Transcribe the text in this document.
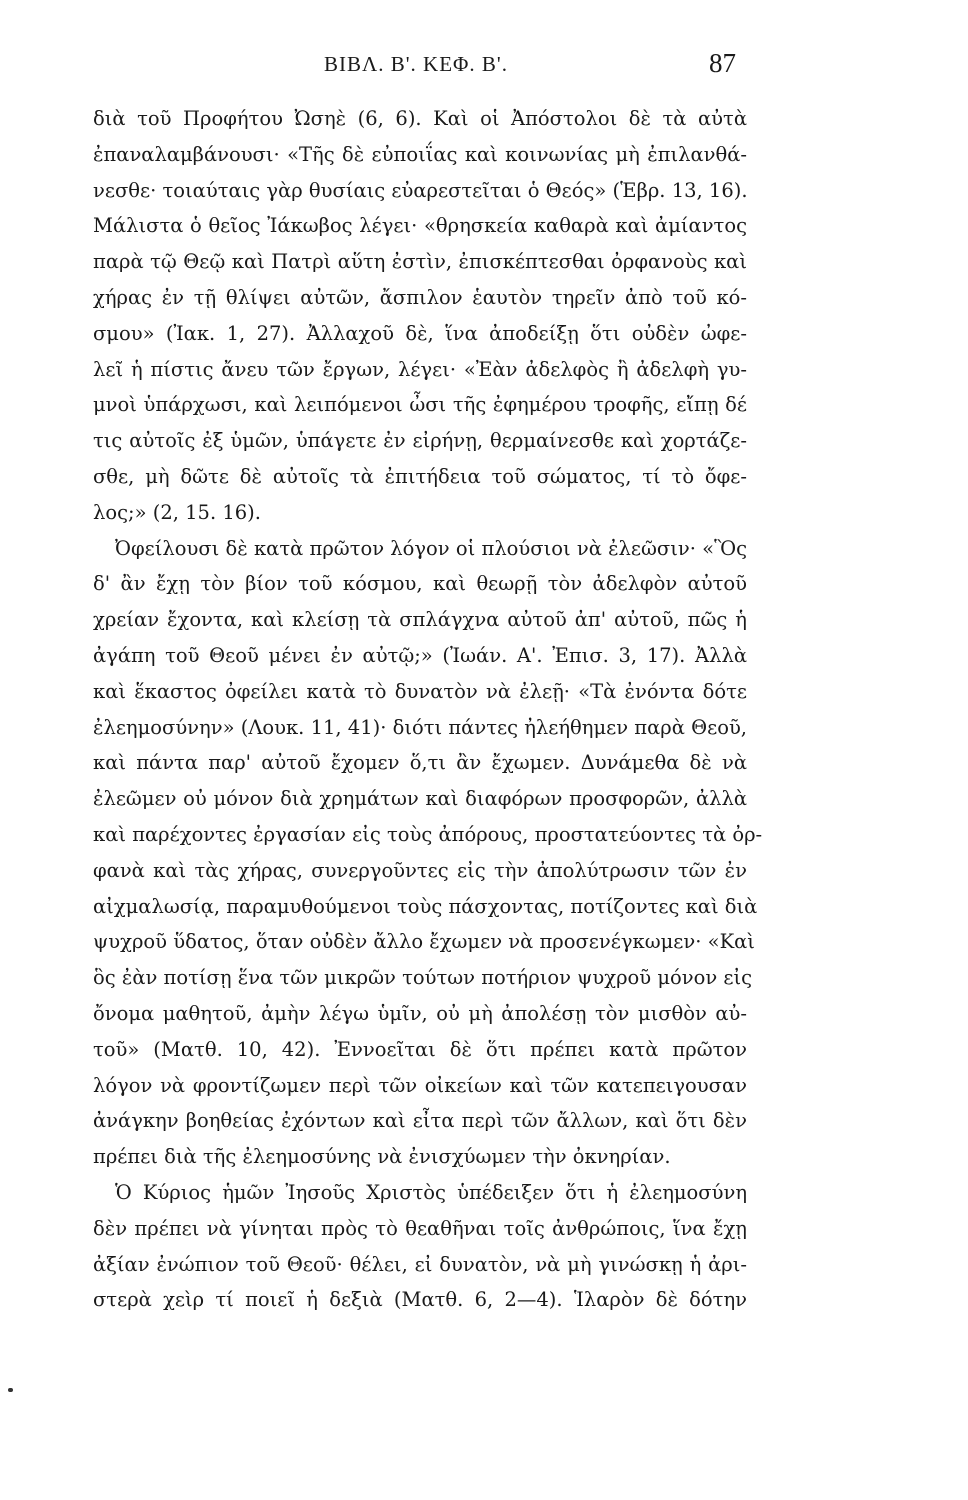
ΒΙΒΛ. Β'. ΚΕΦ. Β'.	87
διὰ τοῦ Προφήτου Ὠσηὲ (6, 6). Καὶ οἱ Ἀπόστολοι δὲ τὰ αὐτὰ
ἐπαναλαμβάνουσι· «Τῆς δὲ εὐποιΐας καὶ κοινωνίας μὴ ἐπιλανθά-
νεσθε· τοιαύταις γὰρ θυσίαις εὐαρεστεῖται ὁ Θεός» (Ἑβρ. 13, 16).
Μάλιστα ὁ θεῖος Ἰάκωβος λέγει· «θρησκεία καθαρὰ καὶ ἀμίαντος
παρὰ τῷ Θεῷ καὶ Πατρὶ αὕτη ἐστὶν, ἐπισκέπτεσθαι ὀρφανοὺς καὶ
χήρας ἐν τῇ θλίψει αὐτῶν, ἄσπιλον ἑαυτὸν τηρεῖν ἀπὸ τοῦ κό-
σμου» (Ἰακ. 1, 27). Ἀλλαχοῦ δὲ, ἵνα ἀποδείξῃ ὅτι οὐδὲν ὠφε-
λεῖ ἡ πίστις ἄνευ τῶν ἔργων, λέγει· «Ἐὰν ἀδελφὸς ἢ ἀδελφὴ γυ-
μνοὶ ὑπάρχωσι, καὶ λειπόμενοι ὦσι τῆς ἐφημέρου τροφῆς, εἴπῃ δέ
τις αὐτοῖς ἐξ ὑμῶν, ὑπάγετε ἐν εἰρήνῃ, θερμαίνεσθε καὶ χορτάζε-
σθε, μὴ δῶτε δὲ αὐτοῖς τὰ ἐπιτήδεια τοῦ σώματος, τί τὸ ὄφε-
λος;» (2, 15. 16).
Ὀφείλουσι δὲ κατὰ πρῶτον λόγον οἱ πλούσιοι νὰ ἐλεῶσιν· «Ὃς
δ' ἂν ἔχῃ τὸν βίον τοῦ κόσμου, καὶ θεωρῇ τὸν ἀδελφὸν αὐτοῦ
χρείαν ἔχοντα, καὶ κλείσῃ τὰ σπλάγχνα αὐτοῦ ἀπ' αὐτοῦ, πῶς ἡ
ἀγάπη τοῦ Θεοῦ μένει ἐν αὐτῷ;» (Ἰωάν. Α'. Ἐπισ. 3, 17). Ἀλλὰ
καὶ ἕκαστος ὀφείλει κατὰ τὸ δυνατὸν νὰ ἐλεῇ· «Τὰ ἐνόντα δότε
ἐλεημοσύνην» (Λουκ. 11, 41)· διότι πάντες ἠλεήθημεν παρὰ Θεοῦ,
καὶ πάντα παρ' αὐτοῦ ἔχομεν ὅ,τι ἂν ἔχωμεν. Δυνάμεθα δὲ νὰ
ἐλεῶμεν οὐ μόνον διὰ χρημάτων καὶ διαφόρων προσφορῶν, ἀλλὰ
καὶ παρέχοντες ἐργασίαν εἰς τοὺς ἀπόρους, προστατεύοντες τὰ ὀρ-
φανὰ καὶ τὰς χήρας, συνεργοῦντες εἰς τὴν ἀπολύτρωσιν τῶν ἐν
αἰχμαλωσίᾳ, παραμυθούμενοι τοὺς πάσχοντας, ποτίζοντες καὶ διὰ
ψυχροῦ ὕδατος, ὅταν οὐδὲν ἄλλο ἔχωμεν νὰ προσενέγκωμεν· «Καὶ
ὃς ἐὰν ποτίσῃ ἕνα τῶν μικρῶν τούτων ποτήριον ψυχροῦ μόνον εἰς
ὄνομα μαθητοῦ, ἀμὴν λέγω ὑμῖν, οὐ μὴ ἀπολέσῃ τὸν μισθὸν αὐ-
τοῦ» (Ματθ. 10, 42). Ἐννοεῖται δὲ ὅτι πρέπει κατὰ πρῶτον
λόγον νὰ φροντίζωμεν περὶ τῶν οἰκείων καὶ τῶν κατεπειγουσαν
ἀνάγκην βοηθείας ἐχόντων καὶ εἶτα περὶ τῶν ἄλλων, καὶ ὅτι δὲν
πρέπει διὰ τῆς ἐλεημοσύνης νὰ ἐνισχύωμεν τὴν ὀκνηρίαν.
Ὁ Κύριος ἡμῶν Ἰησοῦς Χριστὸς ὑπέδειξεν ὅτι ἡ ἐλεημοσύνη
δὲν πρέπει νὰ γίνηται πρὸς τὸ θεαθῆναι τοῖς ἀνθρώποις, ἵνα ἔχῃ
ἀξίαν ἐνώπιον τοῦ Θεοῦ· θέλει, εἰ δυνατὸν, νὰ μὴ γινώσκῃ ἡ ἀρι-
στερὰ χεὶρ τί ποιεῖ ἡ δεξιὰ (Ματθ. 6, 2—4). Ἱλαρὸν δὲ δότην
